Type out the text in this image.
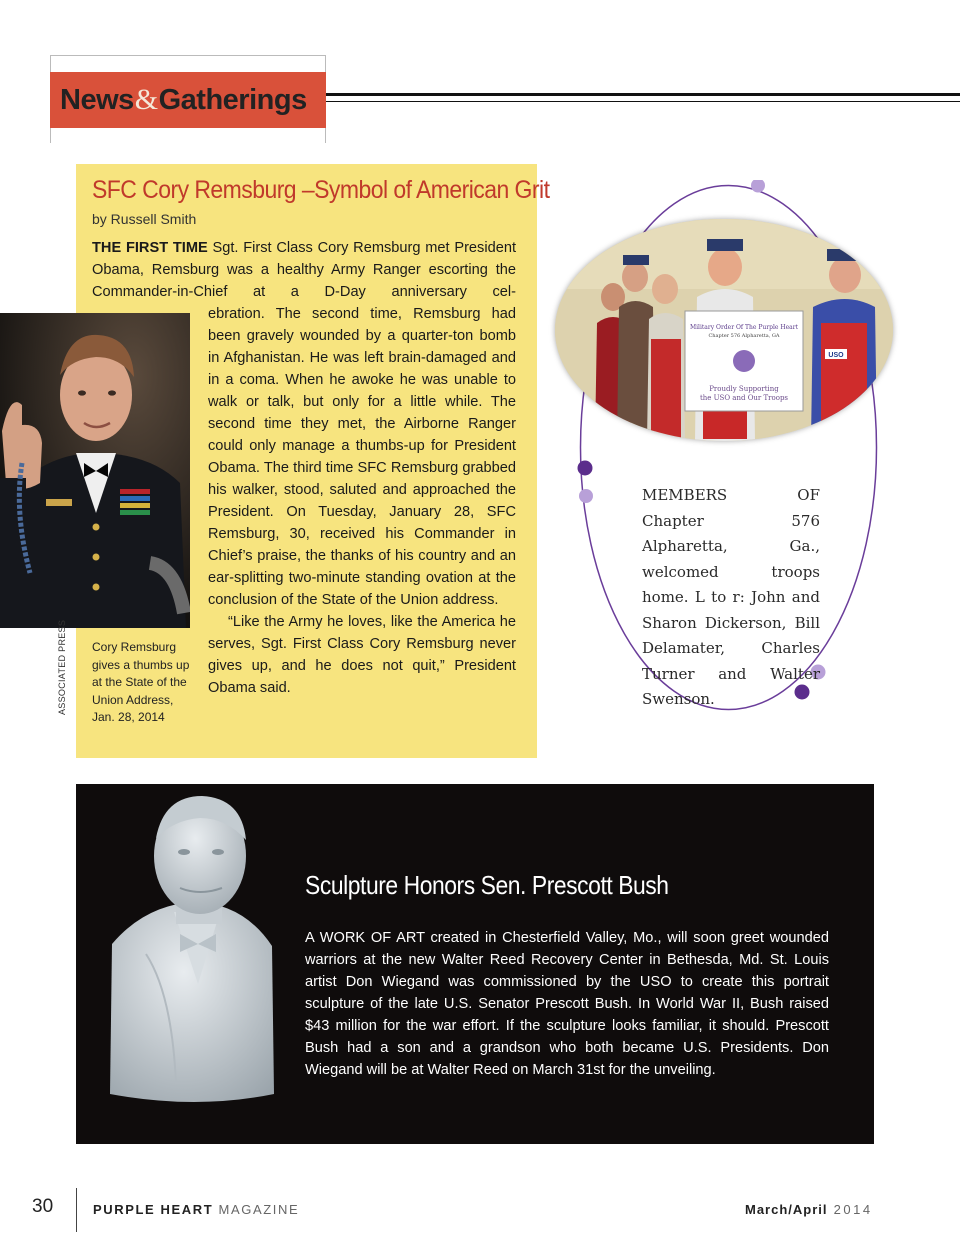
News&Gatherings
SFC Cory Remsburg –Symbol of American Grit
by Russell Smith

THE FIRST TIME Sgt. First Class Cory Remsburg met President Obama, Remsburg was a healthy Army Ranger escorting the Commander-in-Chief at a D-Day anniversary cel-

ebration. The second time, Remsburg had been gravely wounded by a quarter-ton bomb in Afghanistan. He was left brain-damaged and in a coma. When he awoke he was unable to walk or talk, but only for a little while. The second time they met, the Airborne Ranger could only manage a thumbs-up for President Obama. The third time SFC Remsburg grabbed his walker, stood, saluted and approached the President. On Tuesday, January 28, SFC Remsburg, 30, received his Commander in Chief’s praise, the thanks of his country and an ear-splitting two-minute standing ovation at the conclusion of the State of the Union address.

“Like the Army he loves, like the America he serves, Sgt. First Class Cory Remsburg never gives up, and he does not quit,” President Obama said.

ASSOCIATED PRESS Cory Remsburg gives a thumbs up at the State of the Union Address, Jan. 28, 2014
Military Order Of The Purple Heart
Chapter 576 Alpharetta, GA
Proudly Supporting
the USO and Our Troops
USO

MEMBERS OF Chapter 576 Alpharetta, Ga., welcomed troops home. L to r: John and Sharon Dickerson, Bill Delamater, Charles Turner and Walter Swenson.

Sculpture Honors Sen. Prescott Bush

A WORK OF ART created in Chesterfield Valley, Mo., will soon greet wounded warriors at the new Walter Reed Recovery Center in Bethesda, Md. St. Louis artist Don Wiegand was commissioned by the USO to create this portrait sculpture of the late U.S. Senator Prescott Bush. In World War II, Bush raised $43 million for the war effort. If the sculpture looks familiar, it should. Prescott Bush had a son and a grandson who both became U.S. Presidents. Don Wiegand will be at Walter Reed on March 31st for the unveiling.

30	PURPLE HEART MAGAZINE	March/April 2014
